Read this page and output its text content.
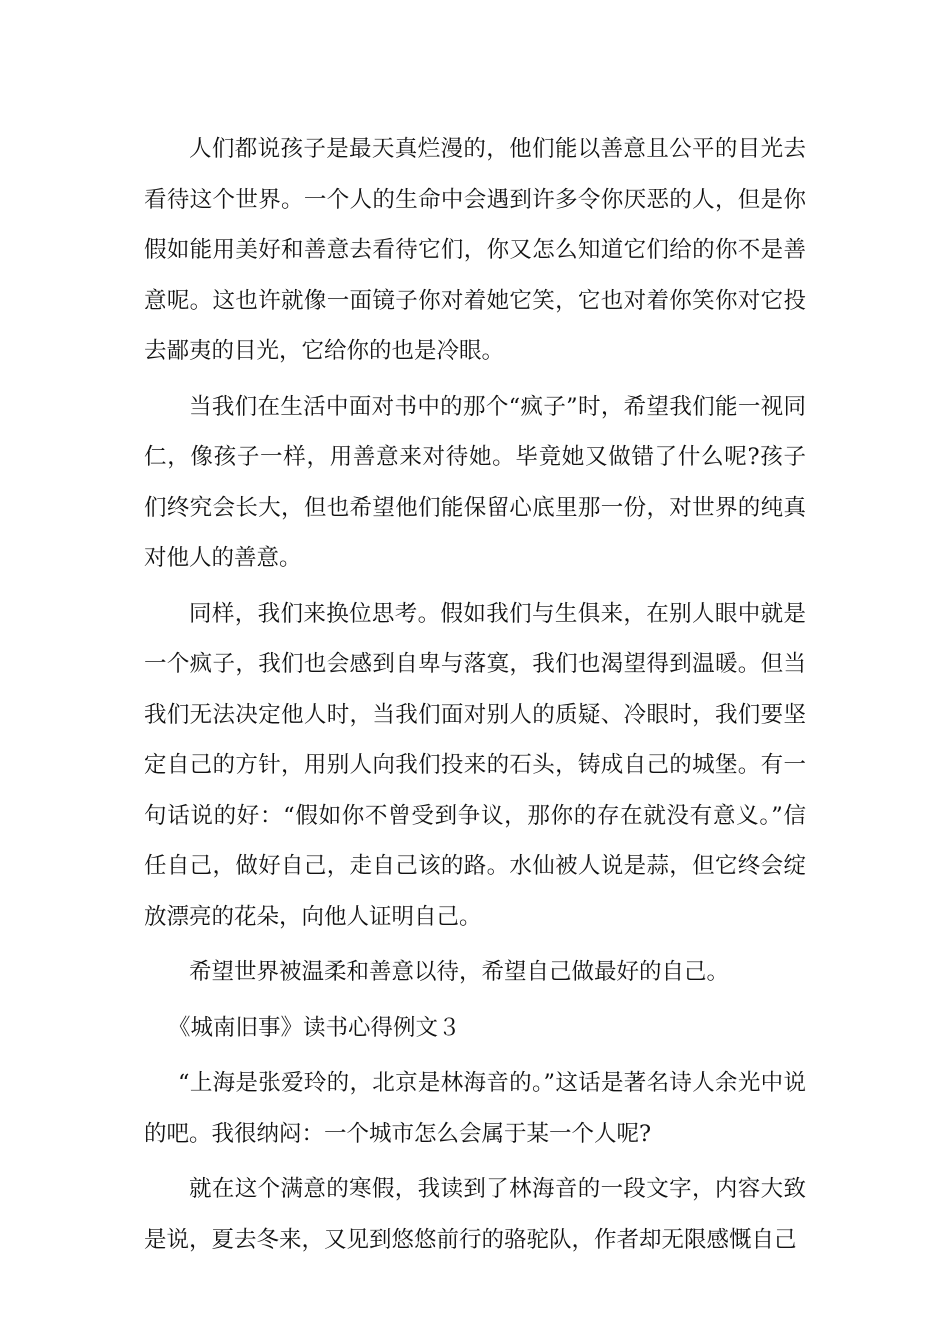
人们都说孩子是最天真烂漫的，他们能以善意且公平的目光去看待这个世界。一个人的生命中会遇到许多令你厌恶的人，但是你假如能用美好和善意去看待它们，你又怎么知道它们给的你不是善意呢。这也许就像一面镜子你对着她它笑，它也对着你笑你对它投去鄙夷的目光，它给你的也是冷眼。

当我们在生活中面对书中的那个“疯子”时，希望我们能一视同仁，像孩子一样，用善意来对待她。毕竟她又做错了什么呢?孩子们终究会长大，但也希望他们能保留心底里那一份，对世界的纯真对他人的善意。

同样，我们来换位思考。假如我们与生俱来，在别人眼中就是一个疯子，我们也会感到自卑与落寞，我们也渴望得到温暖。但当我们无法决定他人时，当我们面对别人的质疑、冷眼时，我们要坚定自己的方针，用别人向我们投来的石头，铸成自己的城堡。有一句话说的好：“假如你不曾受到争议，那你的存在就没有意义。”信任自己，做好自己，走自己该的路。水仙被人说是蒜，但它终会绽放漂亮的花朵，向他人证明自己。

希望世界被温柔和善意以待，希望自己做最好的自己。

《城南旧事》读书心得例文３

“上海是张爱玲的，北京是林海音的。”这话是著名诗人余光中说的吧。我很纳闷：一个城市怎么会属于某一个人呢?

就在这个满意的寒假，我读到了林海音的一段文字，内容大致是说，夏去冬来，又见到悠悠前行的骆驼队，作者却无限感慨自己
